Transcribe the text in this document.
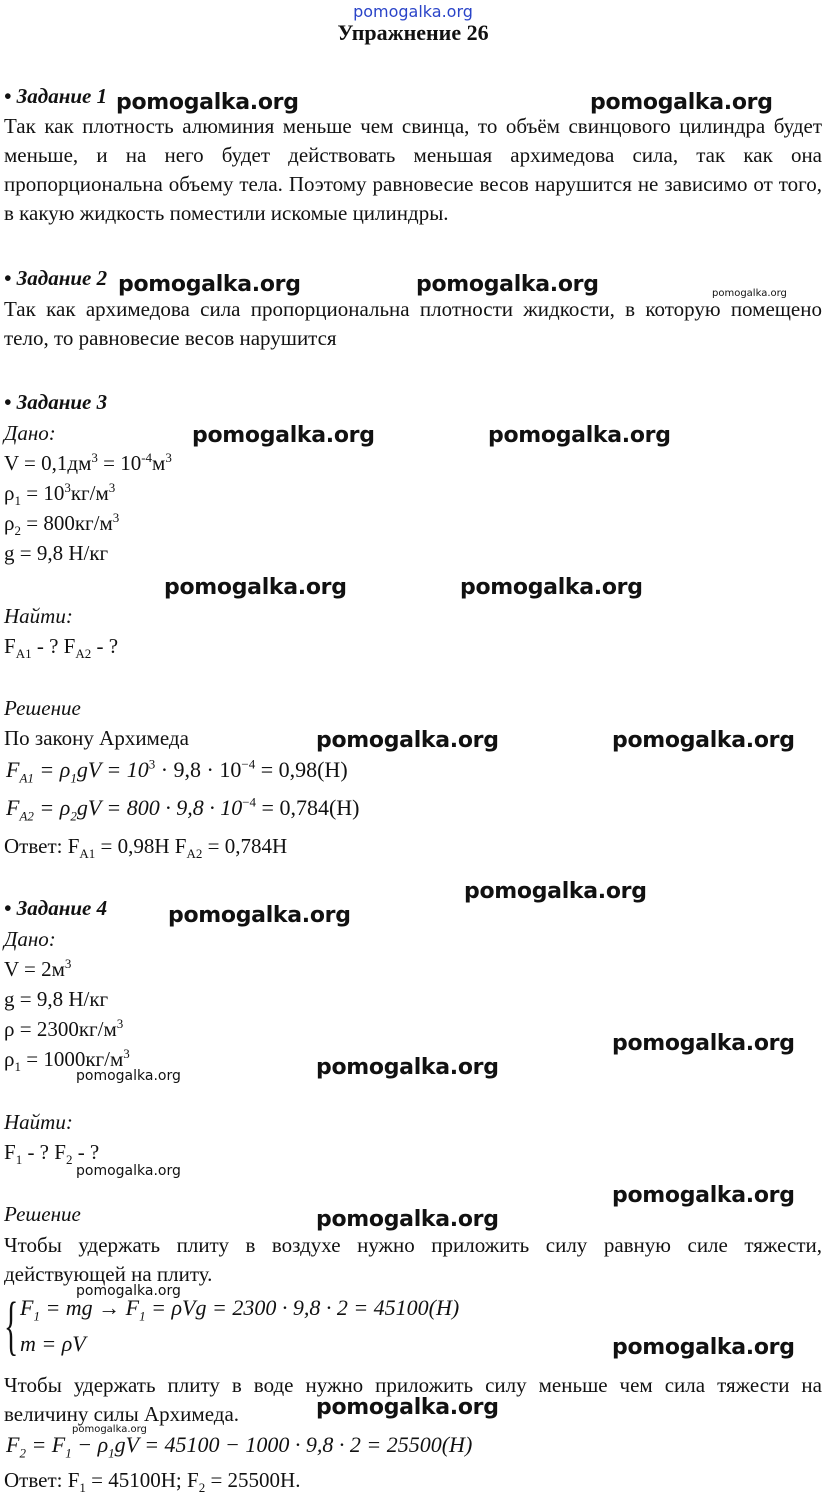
pomogalka.org
Упражнение 26

• Задание 1

Так как плотность алюминия меньше чем свинца, то объём свинцового цилиндра будет меньше, и на него будет действовать меньшая архимедова сила, так как она пропорциональна объему тела. Поэтому равновесие весов нарушится не зависимо от того, в какую жидкость поместили искомые цилиндры.

• Задание 2

Так как архимедова сила пропорциональна плотности жидкости, в которую помещено тело, то равновесие весов нарушится

• Задание 3

Дано:

$V = 0,1дм^3 = 10^{-4}м^3$

$\rho_1 = 10^3кг/м^3$

$\rho_2 = 800кг/м^3$

g = 9,8 Н/кг

Найти:

$F_{A1}$ - ? $F_{A2}$ - ?

Решение

По закону Архимеда

$F_{A1} = \rho_1gV = 10^3 \cdot 9,8 \cdot 10^{-4} = 0,98(H)$
$F_{A2} = \rho_2gV = 800 \cdot 9,8 \cdot 10^{-4} = 0,784(H)$

Ответ: $F_{A1} = 0,98Н$ $F_{A2} = 0,784Н$

• Задание 4

Дано:

$V = 2м^3$

g = 9,8 Н/кг

$\rho = 2300кг/м^3$

$\rho_1 = 1000кг/м^3$

Найти:

$F_1$ - ? $F_2$ - ?

Решение

Чтобы удержать плиту в воздухе нужно приложить силу равную силе тяжести, действующей на плиту.

{ $F_1$ = mg → $F_1 = \rho Vg = 2300 \cdot 9,8 \cdot 2 = 45100(H)$
m = ρV

Чтобы удержать плиту в воде нужно приложить силу меньше чем сила тяжести на величину силы Архимеда.

$F_2 = F_1 - \rho_1gV = 45100 - 1000 \cdot 9,8 \cdot 2 = 25500(H)$

Ответ: $F_1 = 45100Н$; $F_2 = 25500Н$.

pomogalka.org	pomogalka.org
pomogalka.org	pomogalka.org	pomogalka.org
pomogalka.org	pomogalka.org
pomogalka.org	pomogalka.org
pomogalka.org	pomogalka.org
pomogalka.org
pomogalka.org
pomogalka.org
pomogalka.org
pomogalka.org
pomogalka.org
pomogalka.org
pomogalka.org
pomogalka.org
pomogalka.org
pomogalka.org
pomogalka.org
